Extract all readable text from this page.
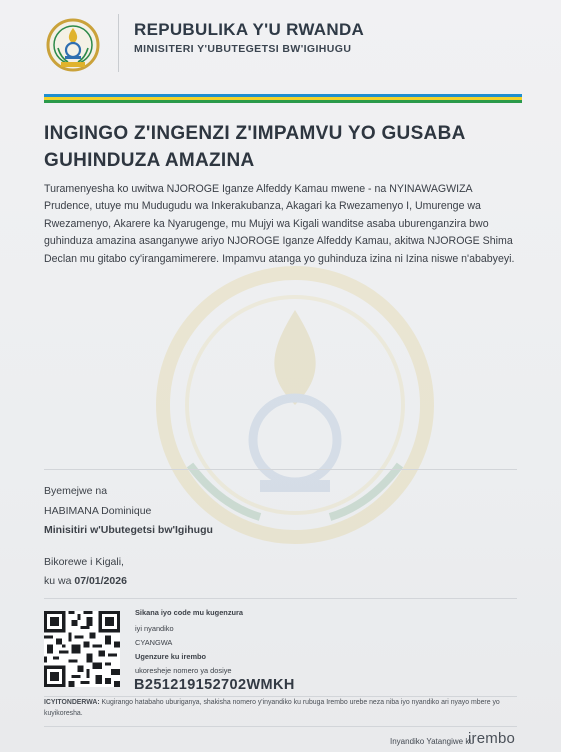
REPUBULIKA Y'U RWANDA
MINISITERI Y'UBUTEGETSI BW'IGIHUGU
INGINGO Z'INGENZI Z'IMPAMVU YO GUSABA
GUHINDUZA AMAZINA
Turamenyesha ko uwitwa NJOROGE Iganze Alfeddy Kamau mwene - na NYINAWAGWIZA Prudence, utuye mu Mudugudu wa Inkerakubanza, Akagari ka Rwezamenyo I, Umurenge wa Rwezamenyo, Akarere ka Nyarugenge, mu Mujyi wa Kigali wanditse asaba uburenganzira bwo guhinduza amazina asanganywe ariyo NJOROGE Iganze Alfeddy Kamau, akitwa NJOROGE Shima Declan mu gitabo cy'irangamimerere. Impamvu atanga yo guhinduza izina ni Izina niswe n'ababyeyi.
Byemejwe na
HABIMANA Dominique
Minisitiri w'Ubutegetsi bw'Igihugu
Bikorewe i Kigali,
ku wa 07/01/2026
Sikana iyo code mu kugenzura
iyi nyandiko
CYANGWA
Ugenzure ku irembo
ukoresheje nomero ya dosiye
B251219152702WMKH
ICYITONDERWA: Kugirango hatabaho uburiganya, shakisha nomero y'inyandiko ku rubuga Irembo urebe neza niba iyo nyandiko ari nyayo mbere yo kuyikoresha.
Inyandiko Yatangiwe ku
irembo
